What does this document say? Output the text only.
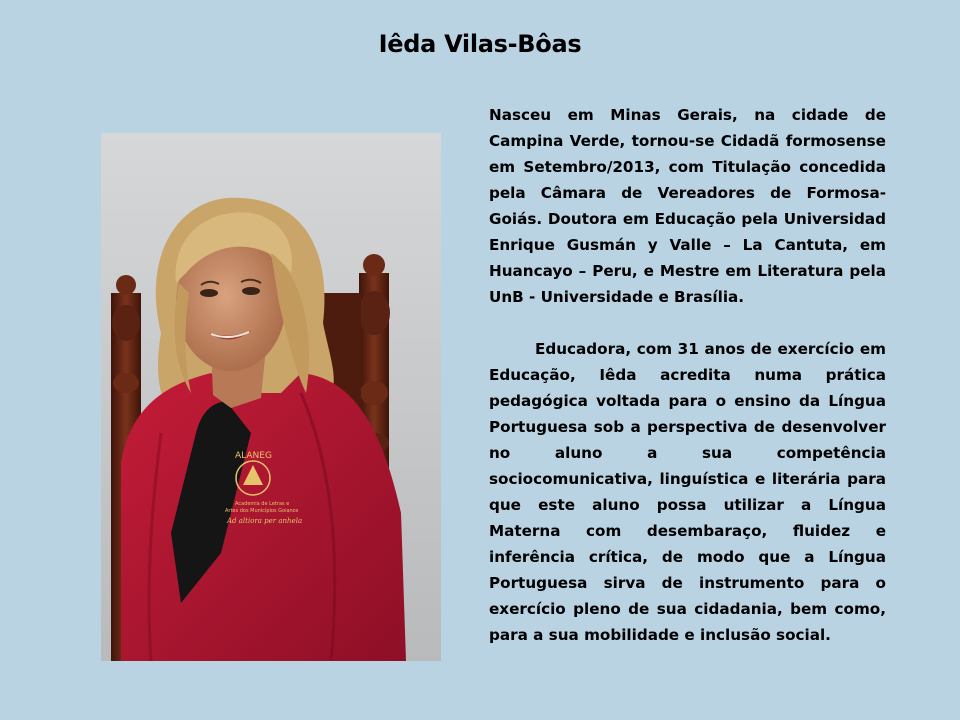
Iêda Vilas-Bôas
ALANEG
Academia de Letras e
Artes dos Municípios Goianos
Ad altiora per anhela

Nasceu em Minas Gerais, na cidade de Campina Verde, tornou-se Cidadã formosense em Setembro/2013, com Titulação concedida pela Câmara de Vereadores de Formosa-Goiás. Doutora em Educação pela Universidad Enrique Gusmán y Valle – La Cantuta, em Huancayo – Peru, e Mestre em Literatura pela UnB - Universidade e Brasília.

Educadora, com 31 anos de exercício em Educação, Iêda acredita numa prática pedagógica voltada para o ensino da Língua Portuguesa sob a perspectiva de desenvolver no aluno a sua competência sociocomunicativa, linguística e literária para que este aluno possa utilizar a Língua Materna com desembaraço, fluidez e inferência crítica, de modo que a Língua Portuguesa sirva de instrumento para o exercício pleno de sua cidadania, bem como, para a sua mobilidade e inclusão social.
